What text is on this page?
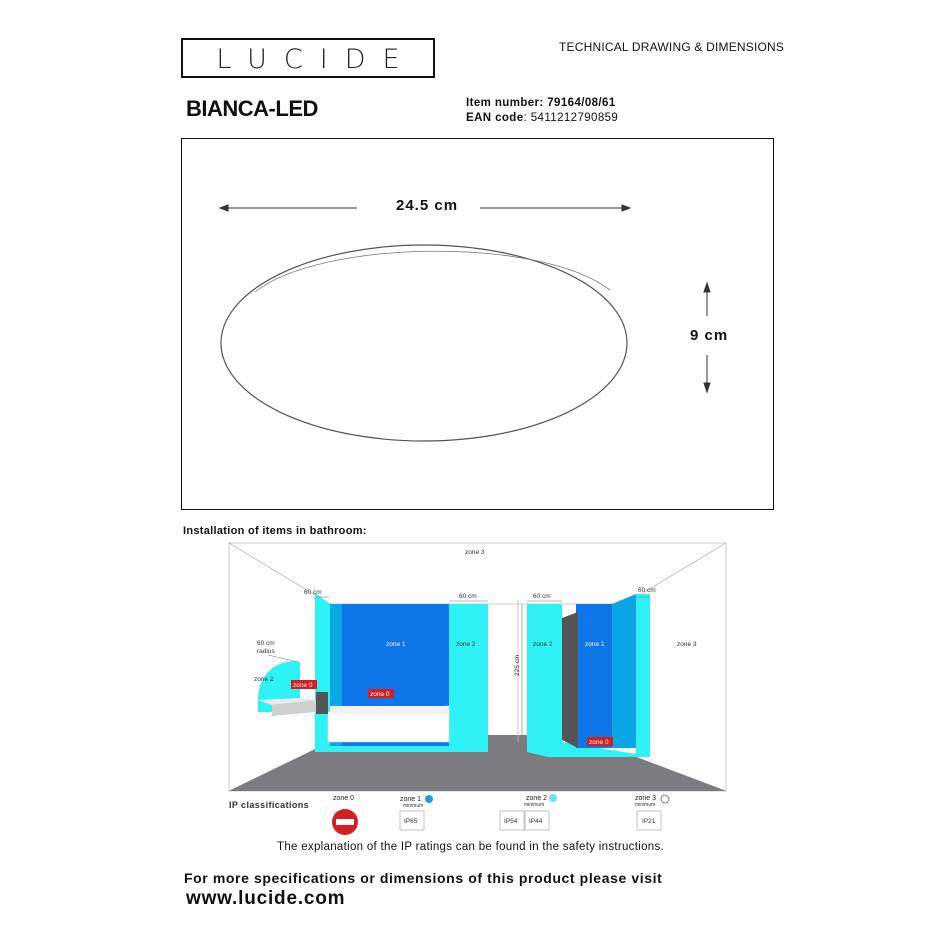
LUCIDE	TECHNICAL DRAWING & DIMENSIONS
BIANCA-LED	Item number: 79164/08/61
EAN code: 5411212790859
24.5 cm
9 cm
Installation of items in bathroom:
zone 3
zone 3
60 cm
60 cm	60 cm
60 cm
225 cm
60 cm
radius
zone 2
zone 0
zone 1
zone 0
zone 2	zone 2	zone 1
zone 0
zone 0	zone 1
minimum
IP65
zone 2
minimum
IP54 IP44
zone 3
minimum
IP21
IP classifications
The explanation of the IP ratings can be found in the safety instructions.
For more specifications or dimensions of this product please visit
www.lucide.com
